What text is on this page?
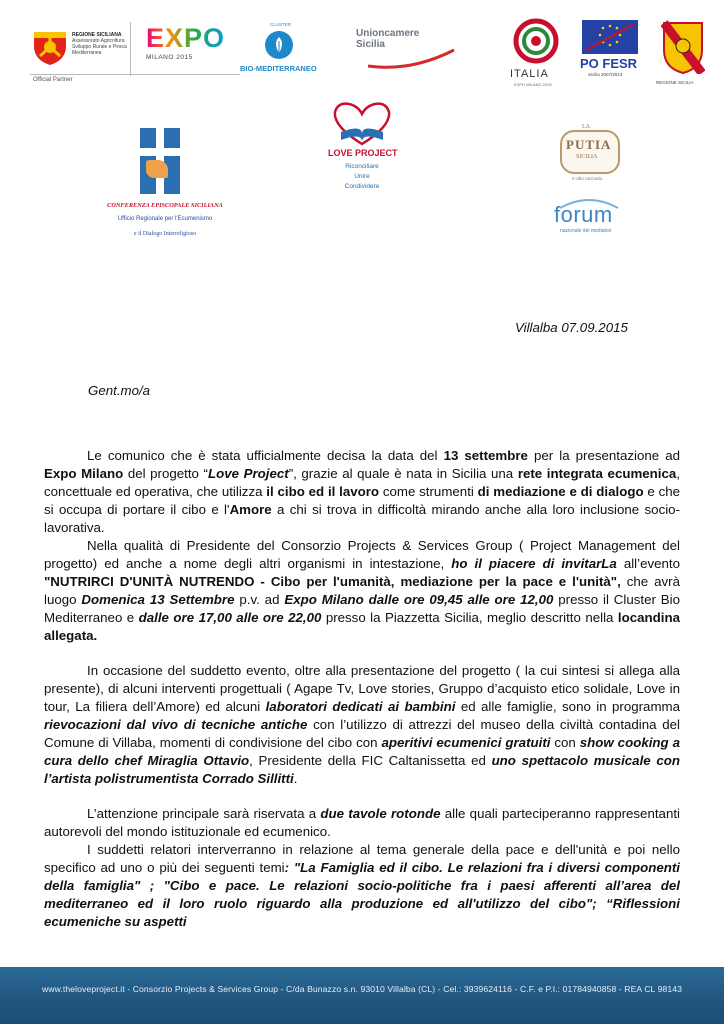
REGIONE SICILIANA
Assessorato Agricoltura
Sviluppo Rurale e Pesca
Mediterranea
Official Partner
EXPO
MILANO 2015
CLUSTER
BIO-MEDITERRANEO
Unioncamere
Sicilia
ITALIA
EXPO MILANO 2015
PO FESR
Sicilia 2007/2013
REGIONE SICILIA
LOVE PROJECT
Riconciliare
Unire
Condividere
CONFERENZA EPISCOPALE SICILIANA
Ufficio Regionale per l'Ecumenismo
e il Dialogo Interreligioso
LA
PUTIA
SICILIA
Il cibo racconta
forum
nazionale dei mediatori
Villalba 07.09.2015
Gent.mo/a
Le comunico che è stata ufficialmente decisa la data del 13 settembre per la presentazione ad Expo Milano del progetto “Love Project”, grazie al quale è nata in Sicilia una rete integrata ecumenica, concettuale ed operativa, che utilizza il cibo ed il lavoro come strumenti di mediazione e di dialogo e che si occupa di portare il cibo e l'Amore a chi si trova in difficoltà mirando anche alla loro inclusione socio-lavorativa.
Nella qualità di Presidente del Consorzio Projects & Services Group ( Project Management del progetto) ed anche a nome degli altri organismi in intestazione, ho il piacere di invitarLa all’evento "NUTRIRCI D'UNITÀ NUTRENDO - Cibo per l'umanità, mediazione per la pace e l'unità", che avrà luogo Domenica 13 Settembre p.v. ad Expo Milano dalle ore 09,45 alle ore 12,00 presso il Cluster Bio Mediterraneo e dalle ore 17,00 alle ore 22,00 presso la Piazzetta Sicilia, meglio descritto nella locandina allegata.
In occasione del suddetto evento, oltre alla presentazione del progetto ( la cui sintesi si allega alla presente), di alcuni interventi progettuali ( Agape Tv, Love stories, Gruppo d’acquisto etico solidale, Love in tour, La filiera dell’Amore) ed alcuni laboratori dedicati ai bambini ed alle famiglie, sono in programma rievocazioni dal vivo di tecniche antiche con l’utilizzo di attrezzi del museo della civiltà contadina del Comune di Villaba, momenti di condivisione del cibo con aperitivi ecumenici gratuiti con show cooking a cura dello chef Miraglia Ottavio, Presidente della FIC Caltanissetta ed uno spettacolo musicale con l’artista polistrumentista Corrado Sillitti.
L’attenzione principale sarà riservata a due tavole rotonde alle quali parteciperanno rappresentanti autorevoli del mondo istituzionale ed ecumenico.
I suddetti relatori interverranno in relazione al tema generale della pace e dell'unità e poi nello specifico ad uno o più dei seguenti temi: "La Famiglia ed il cibo. Le relazioni fra i diversi componenti della famiglia" ; "Cibo e pace. Le relazioni socio-politiche fra i paesi afferenti all’area del mediterraneo ed il loro ruolo riguardo alla produzione ed all'utilizzo del cibo"; “Riflessioni ecumeniche su aspetti
www.theloveproject.it - Consorzio Projects & Services Group - C/da Bunazzo s.n. 93010 Villalba (CL) - Cel.: 3939624116 - C.F. e P.I.: 01784940858 - REA CL 98143
